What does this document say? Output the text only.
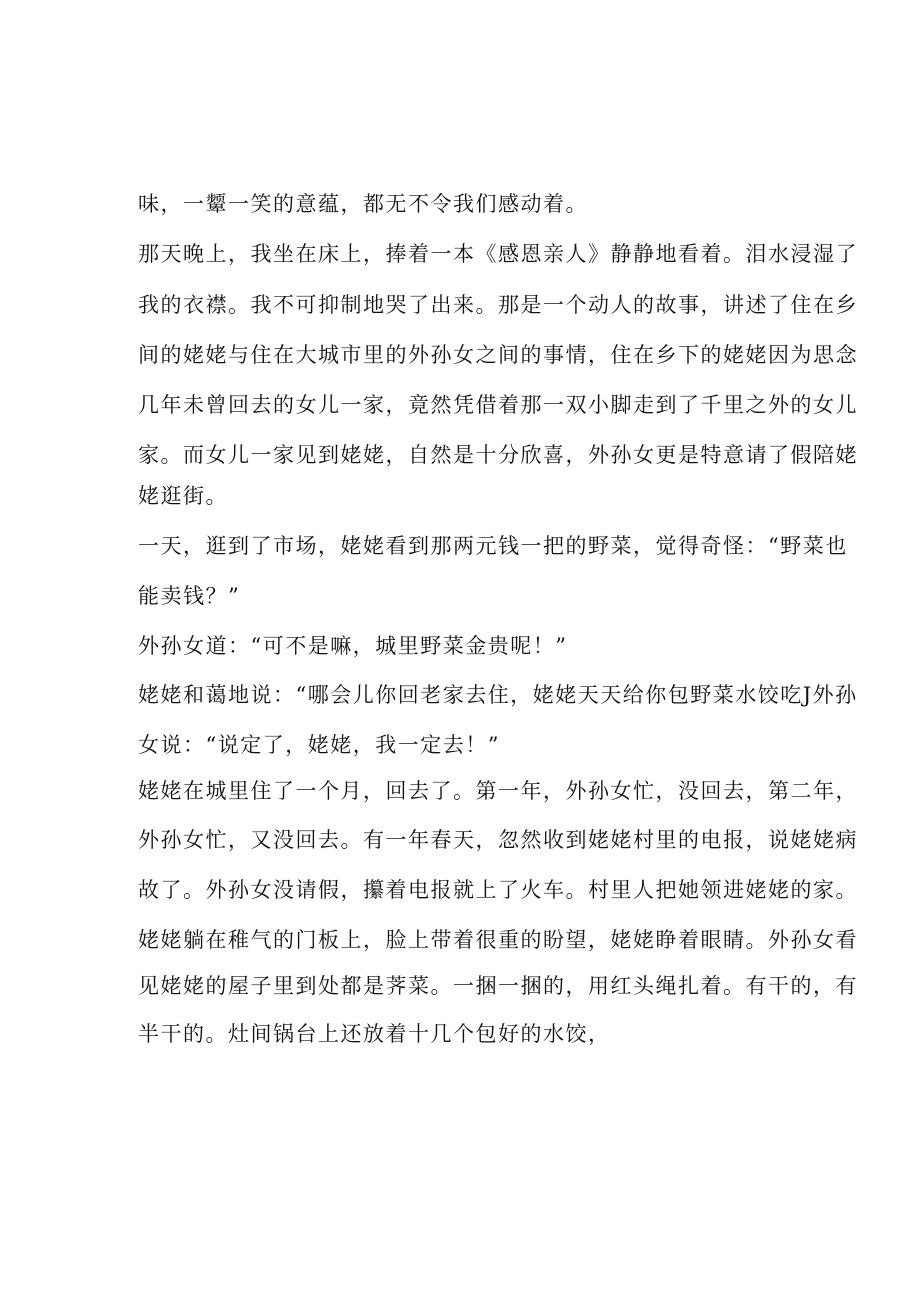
味，一颦一笑的意蕴，都无不令我们感动着。
那天晚上，我坐在床上，捧着一本《感恩亲人》静静地看着。泪水浸湿了
我的衣襟。我不可抑制地哭了出来。那是一个动人的故事，讲述了住在乡
间的姥姥与住在大城市里的外孙女之间的事情，住在乡下的姥姥因为思念
几年未曾回去的女儿一家，竟然凭借着那一双小脚走到了千里之外的女儿
家。而女儿一家见到姥姥，自然是十分欣喜，外孙女更是特意请了假陪姥
姥逛街。
一天，逛到了市场，姥姥看到那两元钱一把的野菜，觉得奇怪：“野菜也
能卖钱？”
外孙女道：“可不是嘛，城里野菜金贵呢！”
姥姥和蔼地说：“哪会儿你回老家去住，姥姥天天给你包野菜水饺吃J外孙
女说：“说定了，姥姥，我一定去！”
姥姥在城里住了一个月，回去了。第一年，外孙女忙，没回去，第二年，
外孙女忙，又没回去。有一年春天，忽然收到姥姥村里的电报，说姥姥病
故了。外孙女没请假，攥着电报就上了火车。村里人把她领进姥姥的家。
姥姥躺在稚气的门板上，脸上带着很重的盼望，姥姥睁着眼睛。外孙女看
见姥姥的屋子里到处都是荠菜。一捆一捆的，用红头绳扎着。有干的，有
半干的。灶间锅台上还放着十几个包好的水饺，
